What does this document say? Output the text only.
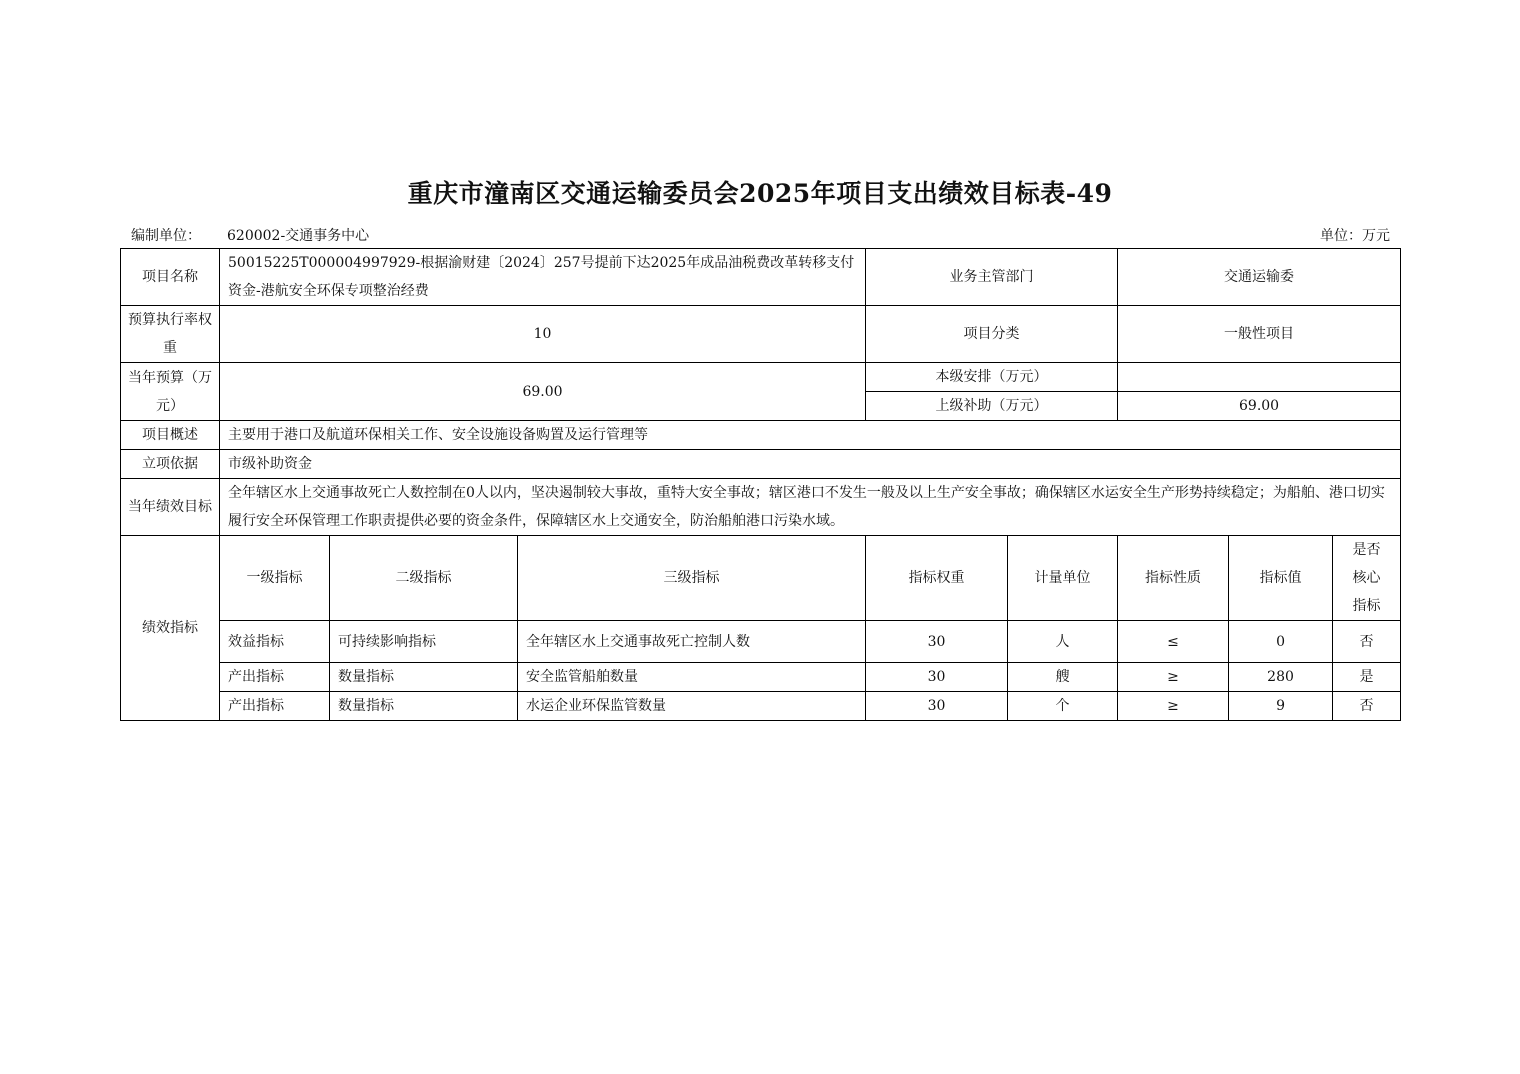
重庆市潼南区交通运输委员会2025年项目支出绩效目标表-49
编制单位： 620002-交通事务中心	单位：万元
项目名称	50015225T000004997929-根据渝财建〔2024〕257号提前下达2025年成品油税费改革转移支付资金-港航安全环保专项整治经费			业务主管部门		交通运输委		
预算执行率权重	10			项目分类		一般性项目		
当年预算（万元）	69.00			本级安排（万元）				
				上级补助（万元）		69.00		
项目概述	主要用于港口及航道环保相关工作、安全设施设备购置及运行管理等							
立项依据	市级补助资金							
当年绩效目标	全年辖区水上交通事故死亡人数控制在0人以内，坚决遏制较大事故，重特大安全事故；辖区港口不发生一般及以上生产安全事故；确保辖区水运安全生产形势持续稳定；为船舶、港口切实履行安全环保管理工作职责提供必要的资金条件，保障辖区水上交通安全，防治船舶港口污染水域。							
绩效指标	一级指标	二级指标	三级指标	指标权重	计量单位	指标性质	指标值	是否核心指标
	效益指标	可持续影响指标	全年辖区水上交通事故死亡控制人数	30	人	≤	0	否
	产出指标	数量指标	安全监管船舶数量	30	艘	≥	280	是
	产出指标	数量指标	水运企业环保监管数量	30	个	≥	9	否
